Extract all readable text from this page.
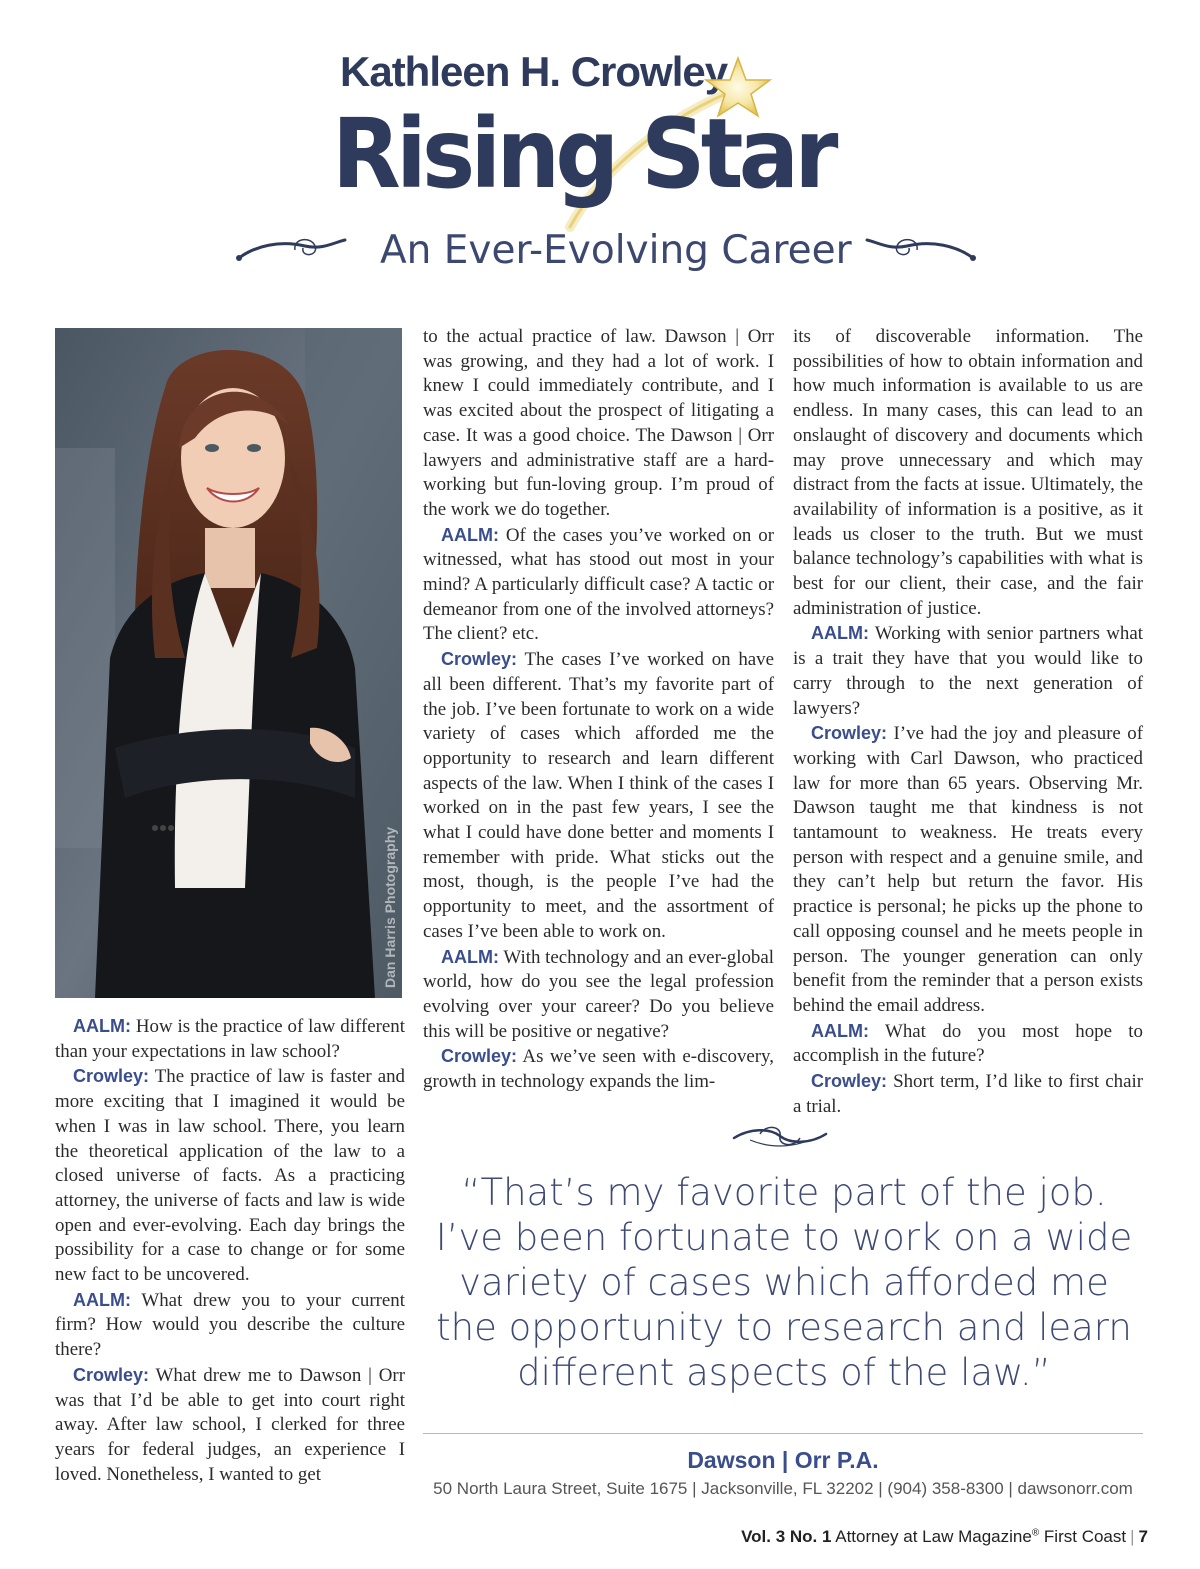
Kathleen H. Crowley
Rising Star
An Ever-Evolving Career
Dan Harris Photography

AALM: How is the practice of law different than your expectations in law school?

Crowley: The practice of law is faster and more exciting that I imagined it would be when I was in law school. There, you learn the theoretical application of the law to a closed universe of facts. As a practicing attorney, the universe of facts and law is wide open and ever-evolving. Each day brings the possibility for a case to change or for some new fact to be uncovered.

AALM: What drew you to your current firm? How would you describe the culture there?

Crowley: What drew me to Dawson | Orr was that I’d be able to get into court right away. After law school, I clerked for three years for federal judges, an experience I loved. Nonetheless, I wanted to get

to the actual practice of law. Dawson | Orr was growing, and they had a lot of work. I knew I could immediately contribute, and I was excited about the prospect of litigating a case. It was a good choice. The Dawson | Orr lawyers and administrative staff are a hard-working but fun-loving group. I’m proud of the work we do together.

AALM: Of the cases you’ve worked on or witnessed, what has stood out most in your mind? A particularly difficult case? A tactic or demeanor from one of the involved attorneys? The client? etc.

Crowley: The cases I’ve worked on have all been different. That’s my favorite part of the job. I’ve been fortunate to work on a wide variety of cases which afforded me the opportunity to research and learn different aspects of the law. When I think of the cases I worked on in the past few years, I see the what I could have done better and moments I remember with pride. What sticks out the most, though, is the people I’ve had the opportunity to meet, and the assortment of cases I’ve been able to work on.

AALM: With technology and an ever-global world, how do you see the legal profession evolving over your career? Do you believe this will be positive or negative?

Crowley: As we’ve seen with e-discovery, growth in technology expands the lim-

its of discoverable information. The possibilities of how to obtain information and how much information is available to us are endless. In many cases, this can lead to an onslaught of discovery and documents which may prove unnecessary and which may distract from the facts at issue. Ultimately, the availability of information is a positive, as it leads us closer to the truth. But we must balance technology’s capabilities with what is best for our client, their case, and the fair administration of justice.

AALM: Working with senior partners what is a trait they have that you would like to carry through to the next generation of lawyers?

Crowley: I’ve had the joy and pleasure of working with Carl Dawson, who practiced law for more than 65 years. Observing Mr. Dawson taught me that kindness is not tantamount to weakness. He treats every person with respect and a genuine smile, and they can’t help but return the favor. His practice is personal; he picks up the phone to call opposing counsel and he meets people in person. The younger generation can only benefit from the reminder that a person exists behind the email address.

AALM: What do you most hope to accomplish in the future?

Crowley: Short term, I’d like to first chair a trial.

“That’s my favorite part of the job. I’ve been fortunate to work on a wide variety of cases which afforded me the opportunity to research and learn different aspects of the law.”
Dawson | Orr P.A.
50 North Laura Street, Suite 1675 | Jacksonville, FL 32202 | (904) 358-8300 | dawsonorr.com
Vol. 3 No. 1 Attorney at Law Magazine® First Coast | 7
